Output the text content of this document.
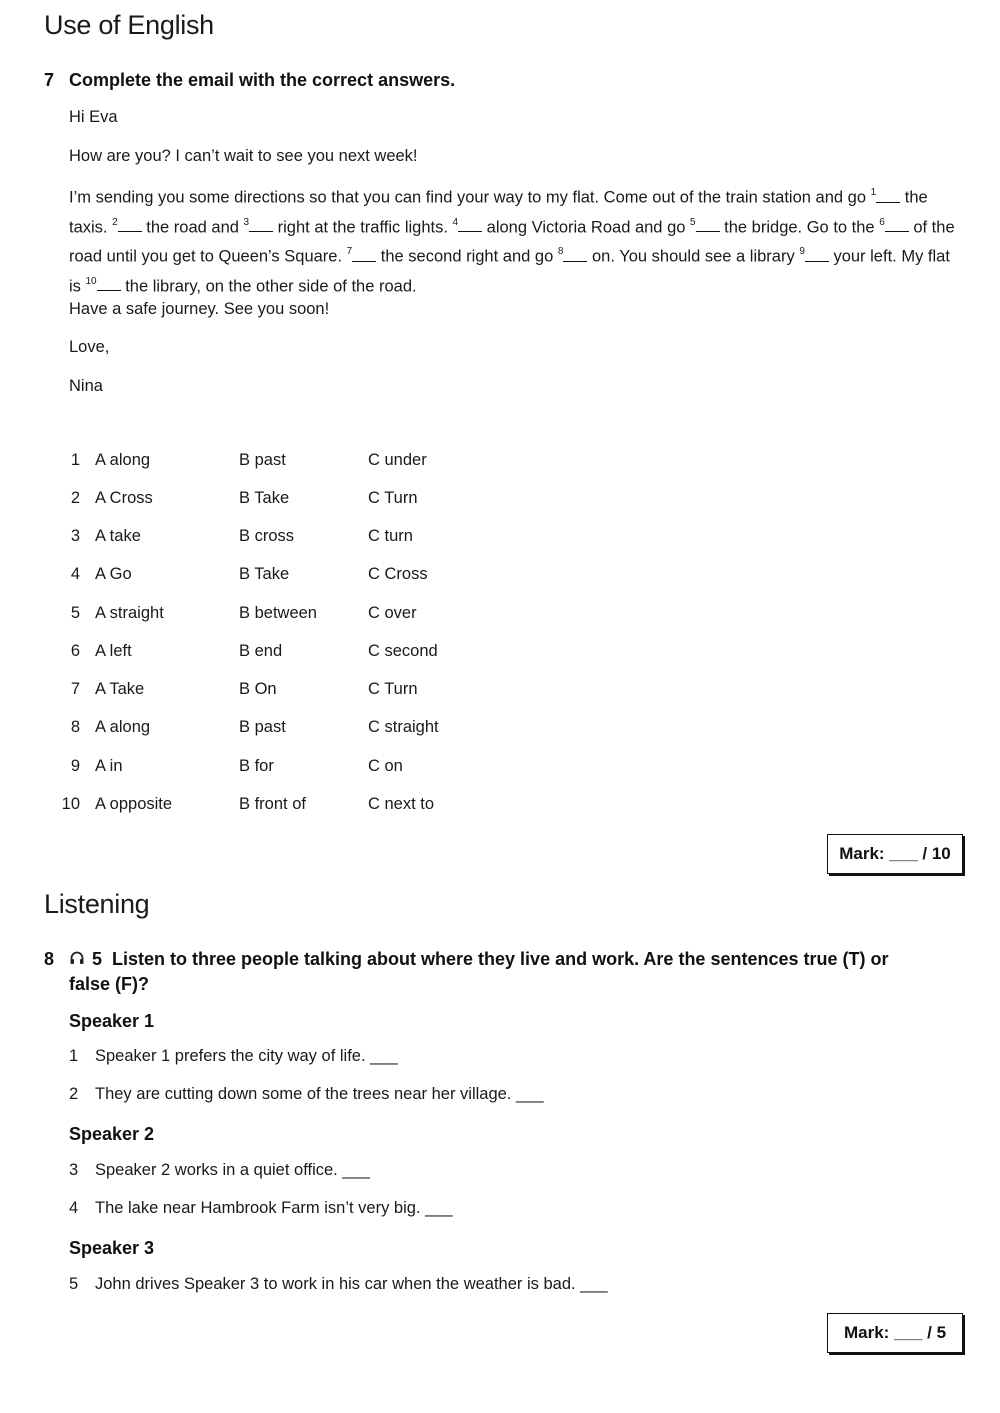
Use of English
7 Complete the email with the correct answers.
Hi Eva
How are you? I can’t wait to see you next week!
I’m sending you some directions so that you can find your way to my flat. Come out of the train station and go $^1$ the taxis. $^2$ the road and $^3$ right at the traffic lights. $^4$ along Victoria Road and go $^5$ the bridge. Go to the $^6$ of the road until you get to Queen’s Square. $^7$ the second right and go $^8$ on. You should see a library $^9$ your left. My flat is $^{10}$ the library, on the other side of the road.
Have a safe journey. See you soon!
Love,
Nina
1 A along	B past	C under
2 A Cross	B Take	C Turn
3 A take	B cross	C turn
4 A Go	B Take	C Cross
5 A straight	B between	C over
6 A left	B end	C second
7 A Take	B On	C Turn
8 A along	B past	C straight
9 A in	B for	C on
10 A opposite	B front of	C next to
Mark: ___ / 10
Listening
8 5 Listen to three people talking about where they live and work. Are the sentences true (T) or
false (F)?
Speaker 1
1 Speaker 1 prefers the city way of life. ___
2 They are cutting down some of the trees near her village. ___
Speaker 2
3 Speaker 2 works in a quiet office. ___
4 The lake near Hambrook Farm isn’t very big. ___
Speaker 3
5 John drives Speaker 3 to work in his car when the weather is bad. ___
Mark: ___ / 5
